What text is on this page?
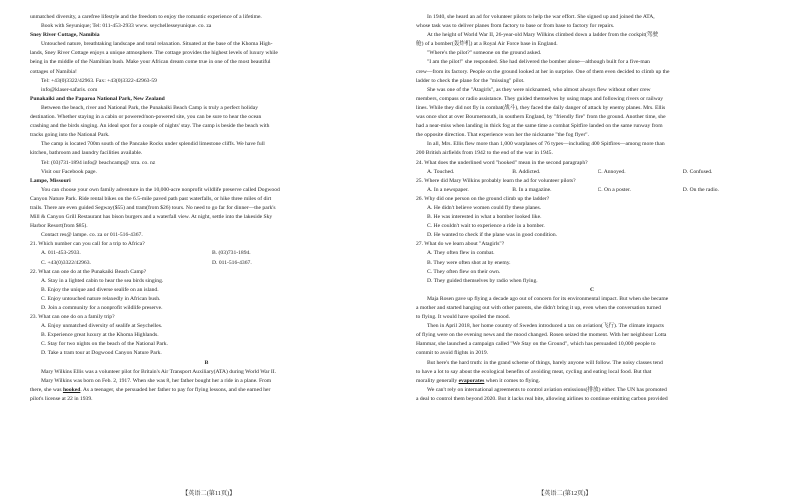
unmatched diversity, a carefree lifestyle and the freedom to enjoy the romantic experience of a lifetime.
Book with Seyunique; Tel: 011-453-2933 www. seychellesseyunique. co. za
Sney River Cottage, Namibia
Untouched nature, breathtaking landscape and total relaxation. Situated at the base of the Khoma High-
lands, Sney River Cottage enjoys a unique atmosphere. The cottage provides the highest levels of luxury while
being in the middle of the Namibian bush. Make your African dream come true in one of the most beautiful
cottages of Namibia!
Tel: +43(0)3322/42963. Fax: +43(0)3322-42963-59
info@klaser-safaris. com
Punakaiki and the Paparoa National Park, New Zealand
Between the beach, river and National Park, the Punakaiki Beach Camp is truly a perfect holiday
destination. Whether staying in a cabin or powered/non-powered site, you can be sure to hear the ocean
crashing and the birds singing. An ideal spot for a couple of nights' stay. The camp is beside the beach with
tracks going into the National Park.
The camp is located 700m south of the Pancake Rocks under splendid limestone cliffs. We have full
kitchen, bathroom and laundry facilities available.
Tel: (03)731-1894 info@ beachcamp@ xtra. co. nz
Visit our Facebook page.
Lampe, Missouri
You can choose your own family adventure in the 10,000-acre nonprofit wildlife preserve called Dogwood
Canyon Nature Park. Ride rental bikes on the 6.5-mile paved path past waterfalls, or hike three miles of dirt
trails. There are even guided Segway($55) and tram(from $26) tours. No need to go far for dinner—the park's
Mill & Canyon Grill Restaurant has bison burgers and a waterfall view. At night, settle into the lakeside Sky
Harbor Resort(from $85).
Contact res@ lampe. co. za or 011-516-4367.
21. Which number can you call for a trip to Africa?
A. 011-453-2933.	B. (03)731-1894.
C. +43(0)3322/42963.	D. 011-516-4367.
22. What can one do at the Punakaiki Beach Camp?
A. Stay in a lighted cabin to hear the sea birds singing.
B. Enjoy the unique and diverse sealife on an island.
C. Enjoy untouched nature relaxedly in African bush.
D. Join a community for a nonprofit wildlife preserve.
23. What can one do on a family trip?
A. Enjoy unmatched diversity of sealife at Seychelles.
B. Experience great luxury at the Khoma Highlands.
C. Stay for two nights on the beach of the National Park.
D. Take a tram tour at Dogwood Canyon Nature Park.
B
Mary Wilkins Ellis was a volunteer pilot for Britain's Air Transport Auxiliary(ATA) during World War II.
Mary Wilkins was born on Feb. 2, 1917. When she was 8, her father bought her a ride in a plane. From
there, she was hooked. As a teenager, she persuaded her father to pay for flying lessons, and she earned her
pilot's license at 22 in 1939.
In 1940, she heard an ad for volunteer pilots to help the war effort. She signed up and joined the ATA,
whose task was to deliver planes from factory to base or from base to factory for repairs.
At the height of World War II, 26-year-old Mary Wilkins climbed down a ladder from the cockpit(驾驶
舱) of a bomber(轰炸机) at a Royal Air Force base in England.
"Where's the pilot?" someone on the ground asked.
"I am the pilot!" she responded. She had delivered the bomber alone—although built for a five-man
crew—from its factory. People on the ground looked at her in surprise. One of them even decided to climb up the
ladder to check the plane for the "missing" pilot.
She was one of the "Atagirls", as they were nicknamed, who almost always flew without other crew
members, compass or radio assistance. They guided themselves by using maps and following rivers or railway
lines. While they did not fly in combat(战斗), they faced the daily danger of attack by enemy planes. Mrs. Ellis
was once shot at over Bournemouth, in southern England, by "friendly fire" from the ground. Another time, she
had a near-miss when landing in thick fog at the same time a combat Spitfire landed on the same runway from
the opposite direction. That experience won her the nickname "the fog flyer".
In all, Mrs. Ellis flew more than 1,000 warplanes of 76 types—including 400 Spitfires—among more than
200 British airfields from 1942 to the end of the war in 1945.
24. What does the underlined word "hooked" mean in the second paragraph?
A. Touched.	B. Addicted.	C. Annoyed.	D. Confused.
25. Where did Mary Wilkins probably learn the ad for volunteer pilots?
A. In a newspaper.	B. In a magazine.	C. On a poster.	D. On the radio.
26. Why did one person on the ground climb up the ladder?
A. He didn't believe women could fly these planes.
B. He was interested in what a bomber looked like.
C. He couldn't wait to experience a ride in a bomber.
D. He wanted to check if the plane was in good condition.
27. What do we learn about "Atagirls"?
A. They often flew in combat.
B. They were often shot at by enemy.
C. They often flew on their own.
D. They guided themselves by radio when flying.
C
Maja Rosen gave up flying a decade ago out of concern for its environmental impact. But when she became
a mother and started hanging out with other parents, she didn't bring it up, even when the conversation turned
to flying. It would have spoiled the mood.
Then in April 2018, her home country of Sweden introduced a tax on aviation(飞行). The climate impacts
of flying were on the evening news and the mood changed. Rosen seized the moment. With her neighbour Lotta
Hammar, she launched a campaign called "We Stay on the Ground", which has persuaded 10,000 people to
commit to avoid flights in 2019.
But here's the hard truth: in the grand scheme of things, barely anyone will follow. The noisy classes tend
to have a lot to say about the ecological benefits of avoiding meat, cycling and eating local food. But that
morality generally evaporates when it comes to flying.
We can't rely on international agreements to control aviation emissions(排放) either. The UN has promoted
a deal to control them beyond 2020. But it lacks real bite, allowing airlines to continue emitting carbon provided
【英语二(第11页)】	【英语二(第12页)】
